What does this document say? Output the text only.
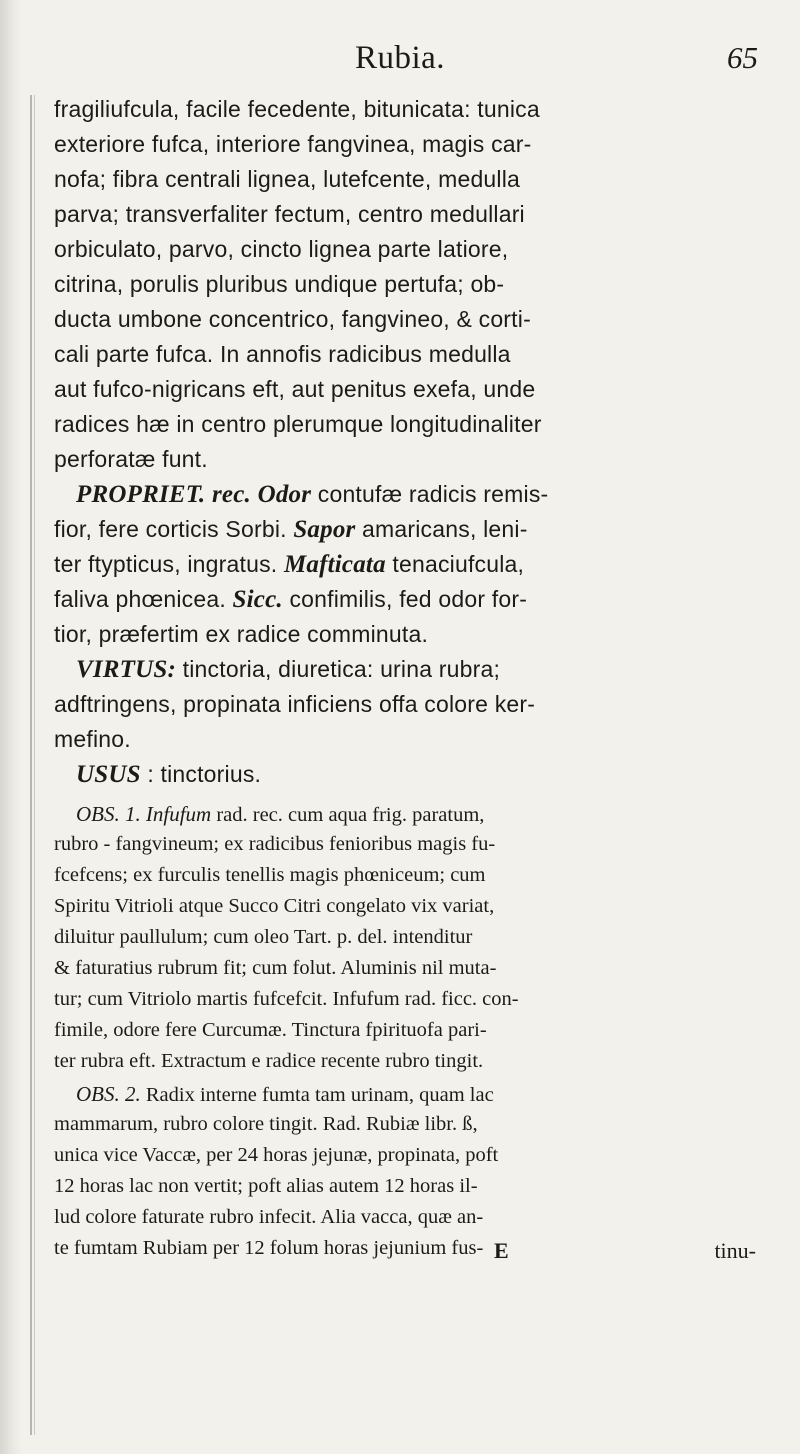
Rubia.	65
fragiliufcula, facile fecedente, bitunicata: tunica
exteriore fufca, interiore fangvinea, magis car-
nofa; fibra centrali lignea, lutefcente, medulla
parva; transverfaliter fectum, centro medullari
orbiculato, parvo, cincto lignea parte latiore,
citrina, porulis pluribus undique pertufa; ob-
ducta umbone concentrico, fangvineo, & corti-
cali parte fufca. In annofis radicibus medulla
aut fufco-nigricans eft, aut penitus exefa, unde
radices hæ in centro plerumque longitudinaliter
perforatæ funt.
PROPRIET. rec. Odor contufæ radicis remis-
fior, fere corticis Sorbi. Sapor amaricans, leni-
ter ftypticus, ingratus. Mafticata tenaciufcula,
faliva phœnicea. Sicc. confimilis, fed odor for-
tior, præfertim ex radice comminuta.
VIRTUS: tinctoria, diuretica: urina rubra;
adftringens, propinata inficiens offa colore ker-
mefino.
USUS : tinctorius.
OBS. 1. Infufum rad. rec. cum aqua frig. paratum,
rubro - fangvineum; ex radicibus fenioribus magis fu-
fcefcens; ex furculis tenellis magis phœniceum; cum
Spiritu Vitrioli atque Succo Citri congelato vix variat,
diluitur paullulum; cum oleo Tart. p. del. intenditur
& faturatius rubrum fit; cum folut. Aluminis nil muta-
tur; cum Vitriolo martis fufcefcit. Infufum rad. ficc. con-
fimile, odore fere Curcumæ. Tinctura fpirituofa pari-
ter rubra eft. Extractum e radice recente rubro tingit.
OBS. 2. Radix interne fumta tam urinam, quam lac
mammarum, rubro colore tingit. Rad. Rubiæ libr. ß,
unica vice Vaccæ, per 24 horas jejunæ, propinata, poft
12 horas lac non vertit; poft alias autem 12 horas il-
lud colore faturate rubro infecit. Alia vacca, quæ an-
te fumtam Rubiam per 12 folum horas jejunium fus- E	tinu-
